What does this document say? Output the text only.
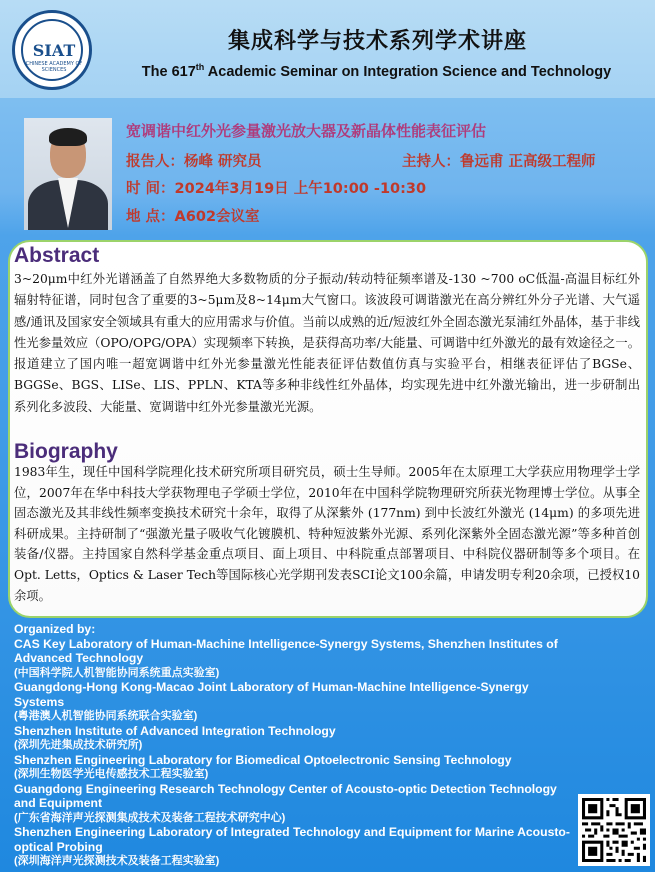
SIAT
CHINESE ACADEMY OF SCIENCES
集成科学与技术系列学术讲座
The 617th Academic Seminar on Integration Science and Technology
宽调谐中红外光参量激光放大器及新晶体性能表征评估
报告人：杨峰 研究员	主持人：鲁远甫 正高级工程师
时 间：2024年3月19日 上午10:00 -10:30
地 点：A602会议室
Abstract
3~20μm中红外光谱涵盖了自然界绝大多数物质的分子振动/转动特征频率谱及-130 ~700 oC低温-高温目标红外辐射特征谱，同时包含了重要的3~5μm及8~14μm大气窗口。该波段可调谐激光在高分辨红外分子光谱、大气遥感/通讯及国家安全领域具有重大的应用需求与价值。当前以成熟的近/短波红外全固态激光泵浦红外晶体，基于非线性光参量效应（OPO/OPG/OPA）实现频率下转换，是获得高功率/大能量、可调谐中红外激光的最有效途径之一。报道建立了国内唯一超宽调谐中红外光参量激光性能表征评估数值仿真与实验平台，相继表征评估了BGSe、BGGSe、BGS、LISe、LIS、PPLN、KTA等多种非线性红外晶体，均实现先进中红外激光输出，进一步研制出系列化多波段、大能量、宽调谐中红外光参量激光光源。
Biography
1983年生，现任中国科学院理化技术研究所项目研究员，硕士生导师。2005年在太原理工大学获应用物理学士学位，2007年在华中科技大学获物理电子学硕士学位，2010年在中国科学院物理研究所获光物理博士学位。从事全固态激光及其非线性频率变换技术研究十余年，取得了从深紫外 (177nm) 到中长波红外激光 (14μm) 的多项先进科研成果。主持研制了“强激光量子吸收气化镀膜机、特种短波紫外光源、系列化深紫外全固态激光源”等多种首创装备/仪器。主持国家自然科学基金重点项目、面上项目、中科院重点部署项目、中科院仪器研制等多个项目。在Opt. Letts，Optics & Laser Tech等国际核心光学期刊发表SCI论文100余篇，申请发明专利20余项，已授权10余项。
Organized by:
CAS Key Laboratory of Human-Machine Intelligence-Synergy Systems, Shenzhen Institutes of Advanced Technology
(中国科学院人机智能协同系统重点实验室)
Guangdong-Hong Kong-Macao Joint Laboratory of Human-Machine Intelligence-Synergy Systems
(粤港澳人机智能协同系统联合实验室)
Shenzhen Institute of Advanced Integration Technology
(深圳先进集成技术研究所)
Shenzhen Engineering Laboratory for Biomedical Optoelectronic Sensing Technology
(深圳生物医学光电传感技术工程实验室)
Guangdong Engineering Research Technology Center of Acousto-optic Detection Technology and Equipment
(广东省海洋声光探测集成技术及装备工程技术研究中心)
Shenzhen Engineering Laboratory of Integrated Technology and Equipment for Marine Acousto-optical Probing
(深圳海洋声光探测技术及装备工程实验室)
